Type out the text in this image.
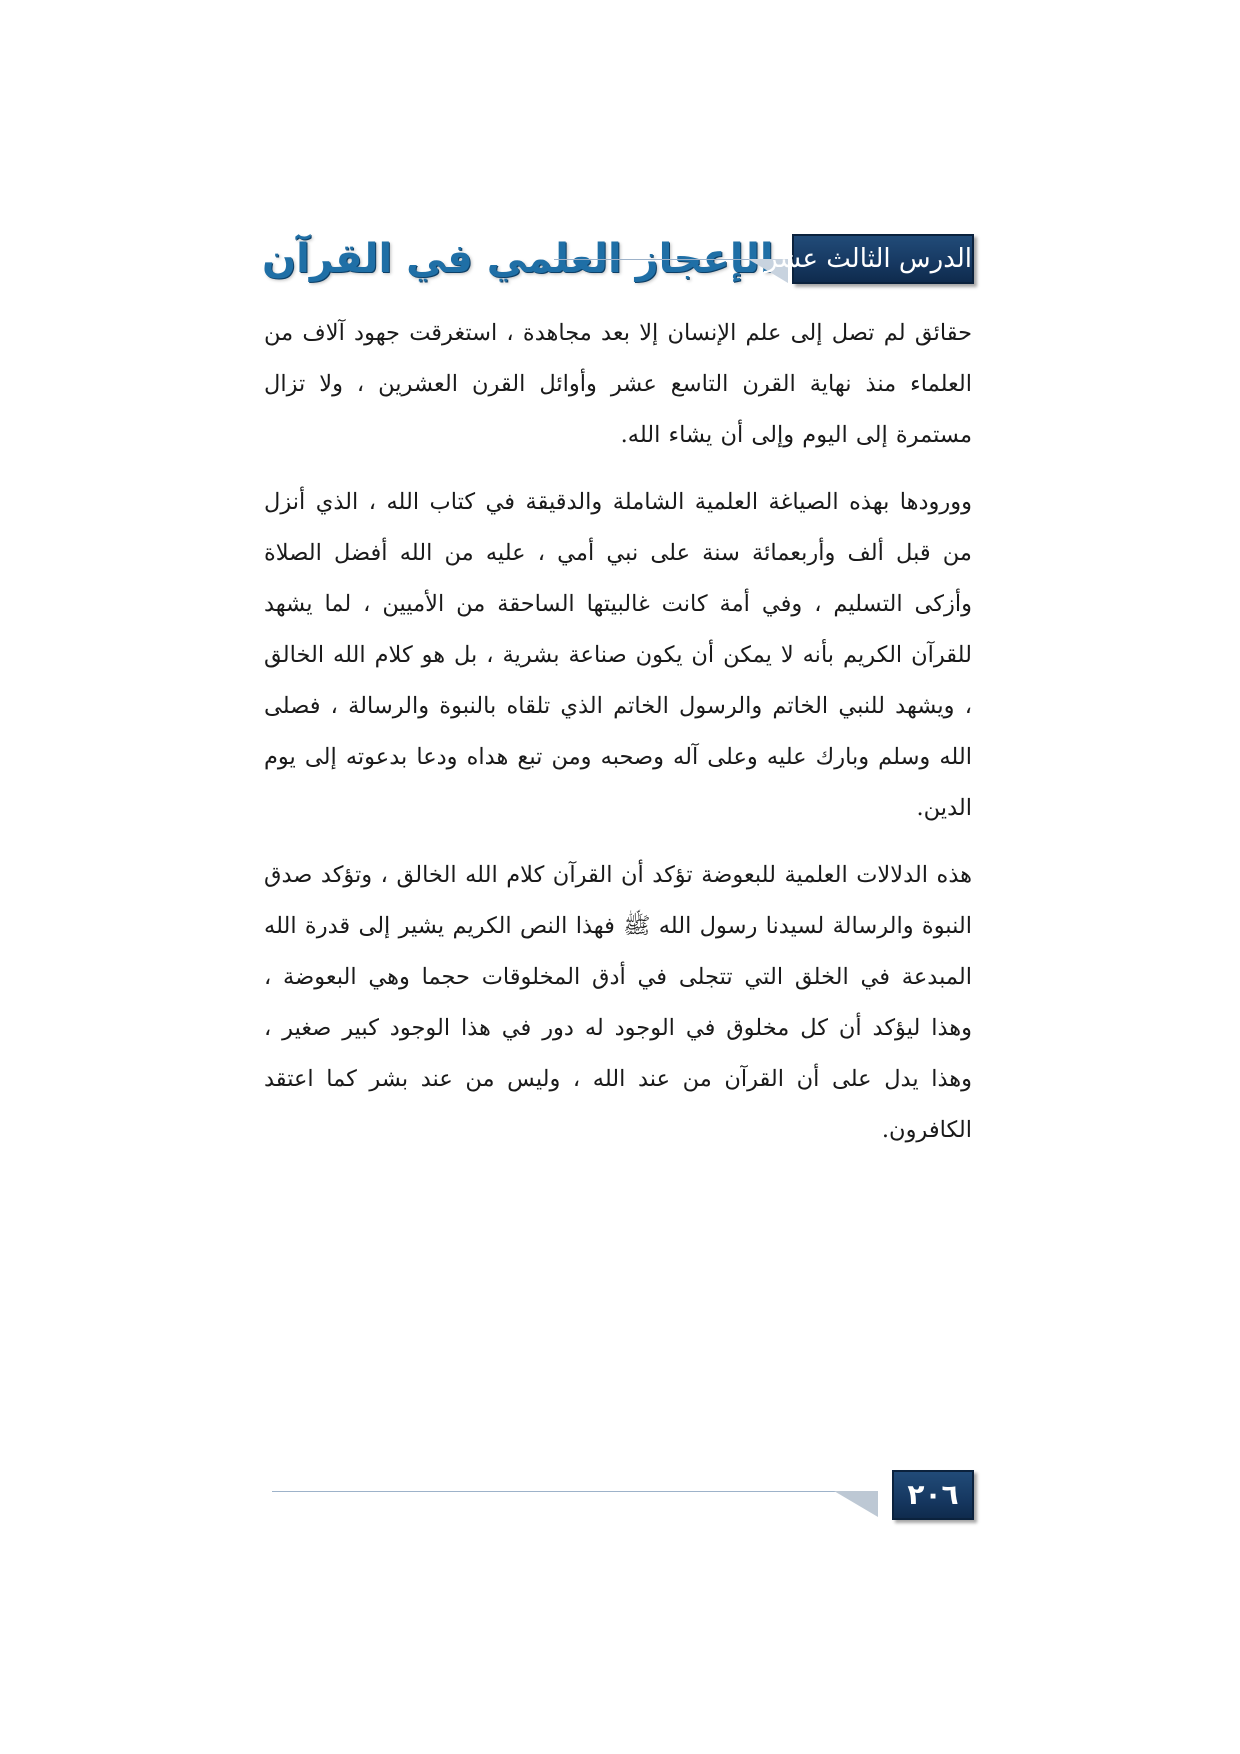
الإعجاز العلمي في القرآن
الدرس الثالث عشر

حقائق لم تصل إلى علم الإنسان إلا بعد مجاهدة ، استغرقت جهود آلاف من العلماء منذ نهاية القرن التاسع عشر وأوائل القرن العشرين ، ولا تزال مستمرة إلى اليوم وإلى أن يشاء الله.

وورودها بهذه الصياغة العلمية الشاملة والدقيقة في كتاب الله ، الذي أنزل من قبل ألف وأربعمائة سنة على نبي أمي ، عليه من الله أفضل الصلاة وأزكى التسليم ، وفي أمة كانت غالبيتها الساحقة من الأميين ، لما يشهد للقرآن الكريم بأنه لا يمكن أن يكون صناعة بشرية ، بل هو كلام الله الخالق ، ويشهد للنبي الخاتم والرسول الخاتم الذي تلقاه بالنبوة والرسالة ، فصلى الله وسلم وبارك عليه وعلى آله وصحبه ومن تبع هداه ودعا بدعوته إلى يوم الدين.

هذه الدلالات العلمية للبعوضة تؤكد أن القرآن كلام الله الخالق ، وتؤكد صدق النبوة والرسالة لسيدنا رسول الله ﷺ فهذا النص الكريم يشير إلى قدرة الله المبدعة في الخلق التي تتجلى في أدق المخلوقات حجما وهي البعوضة ، وهذا ليؤكد أن كل مخلوق في الوجود له دور في هذا الوجود كبير صغير ، وهذا يدل على أن القرآن من عند الله ، وليس من عند بشر كما اعتقد الكافرون.

٢٠٦
